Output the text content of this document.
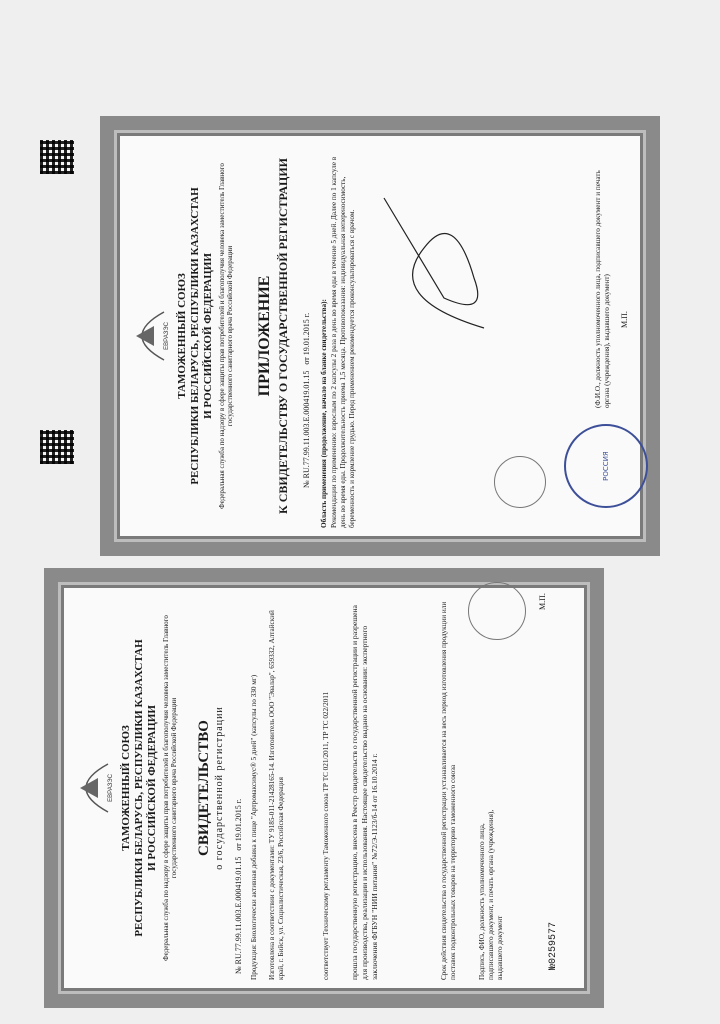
ЕВРАЗЭС ТАМОЖЕННЫЙ СОЮЗ РЕСПУБЛИКИ БЕЛАРУСЬ, РЕСПУБЛИКИ КАЗАХСТАН И РОССИЙСКОЙ ФЕДЕРАЦИИ Федеральная служба по надзору в сфере защиты прав потребителей и благополучия человека заместитель Главного государственного санитарного врача Российской Федерации ПРИЛОЖЕНИЕ К СВИДЕТЕЛЬСТВУ О ГОСУДАРСТВЕННОЙ РЕГИСТРАЦИИ № RU.77.99.11.003.E.000419.01.15   от 19.01.2015 г. Область применения (продолжение, начало на бланке свидетельства): Рекомендации по применению: взрослым по 2 капсулы 2 раза в день во время еды в течение 5 дней. Далее по 1 капсуле в день во время еды. Продолжительность приема 1,5 месяца. Противопоказания: индивидуальная непереносимость, беременность и кормление грудью. Перед применением рекомендуется проконсультироваться с врачом.	РОССИЯ
(Ф.И.О., должность уполномоченного лица, подписавшего документ и печать органа (учреждения), выдавшего документ) М.П.
ЕВРАЗЭС ТАМОЖЕННЫЙ СОЮЗ РЕСПУБЛИКИ БЕЛАРУСЬ, РЕСПУБЛИКИ КАЗАХСТАН И РОССИЙСКОЙ ФЕДЕРАЦИИ Федеральная служба по надзору в сфере защиты прав потребителей и благополучия человека заместитель Главного государственного санитарного врача Российской Федерации СВИДЕТЕЛЬСТВО о государственной регистрации
№ RU.77.99.11.003.E.000419.01.15   от 19.01.2015 г. Продукция: Биологически активная добавка к пище "Артромаксимус® 5 дней" (капсулы по 330 мг) Изготовлена в соответствии с документами: ТУ 9185-011-21428165-14. Изготовитель ООО "Эвалар", 659332, Алтайский край, г. Бийск, ул. Социалистическая, 23/6, Российская Федерация	соответствует Техническому регламенту Таможенного союза ТР ТС 021/2011, ТР ТС 022/2011	прошла государственную регистрацию, внесена в Реестр свидетельств о государственной регистрации и разрешена для производства, реализации и использования. Настоящее свидетельство выдано на основании: экспертного заключения ФГБУН "НИИ питания" №72/Э-1123/б-14 от 16.10.2014 г.	Срок действия свидетельства о государственной регистрации устанавливается на весь период изготовления продукции или поставок подконтрольных товаров на территорию таможенного союза	Подпись, ФИО, должность уполномоченного лица, подписавшего документ, и печать органа (учреждения), выдавшего документ
М.П.
№0259577
